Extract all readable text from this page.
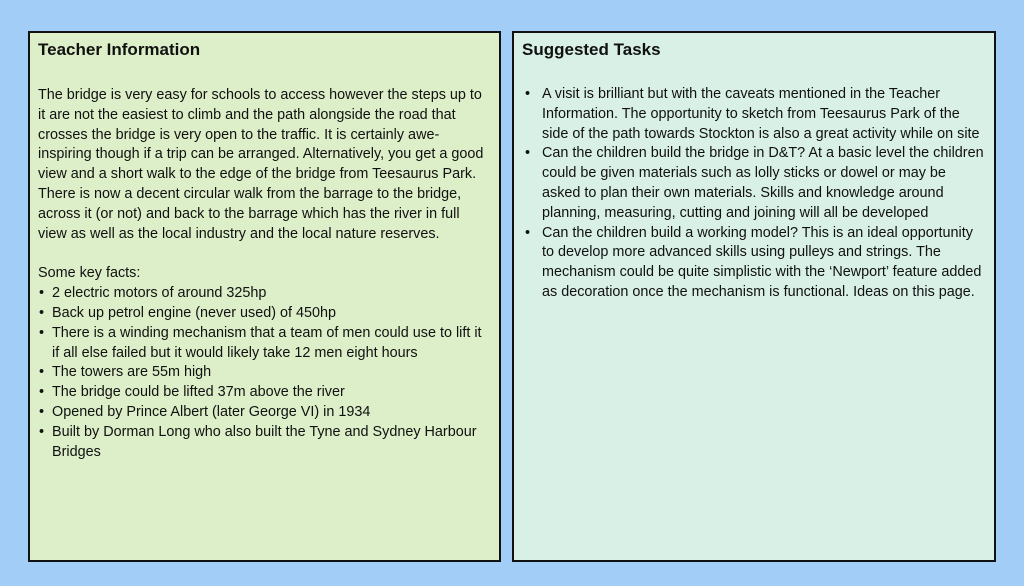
Teacher Information

The bridge is very easy for schools to access however the steps up to it are not the easiest to climb and the path alongside the road that crosses the bridge is very open to the traffic. It is certainly awe-inspiring though if a trip can be arranged. Alternatively, you get a good view and a short walk to the edge of the bridge from Teesaurus Park. There is now a decent circular walk from the barrage to the bridge, across it (or not) and back to the barrage which has the river in full view as well as the local industry and the local nature reserves.

Some key facts:

• 2 electric motors of around 325hp
• Back up petrol engine (never used) of 450hp
• There is a winding mechanism that a team of men could use to lift it if all else failed but it would likely take 12 men eight hours
• The towers are 55m high
• The bridge could be lifted 37m above the river
• Opened by Prince Albert (later George VI) in 1934
• Built by Dorman Long who also built the Tyne and Sydney Harbour Bridges
Suggested Tasks
• A visit is brilliant but with the caveats mentioned in the Teacher Information. The opportunity to sketch from Teesaurus Park of the side of the path towards Stockton is also a great activity while on site
• Can the children build the bridge in D&T? At a basic level the children could be given materials such as lolly sticks or dowel or may be asked to plan their own materials. Skills and knowledge around planning, measuring, cutting and joining will all be developed
• Can the children build a working model? This is an ideal opportunity to develop more advanced skills using pulleys and strings. The mechanism could be quite simplistic with the ‘Newport’ feature added as decoration once the mechanism is functional. Ideas on this page.
